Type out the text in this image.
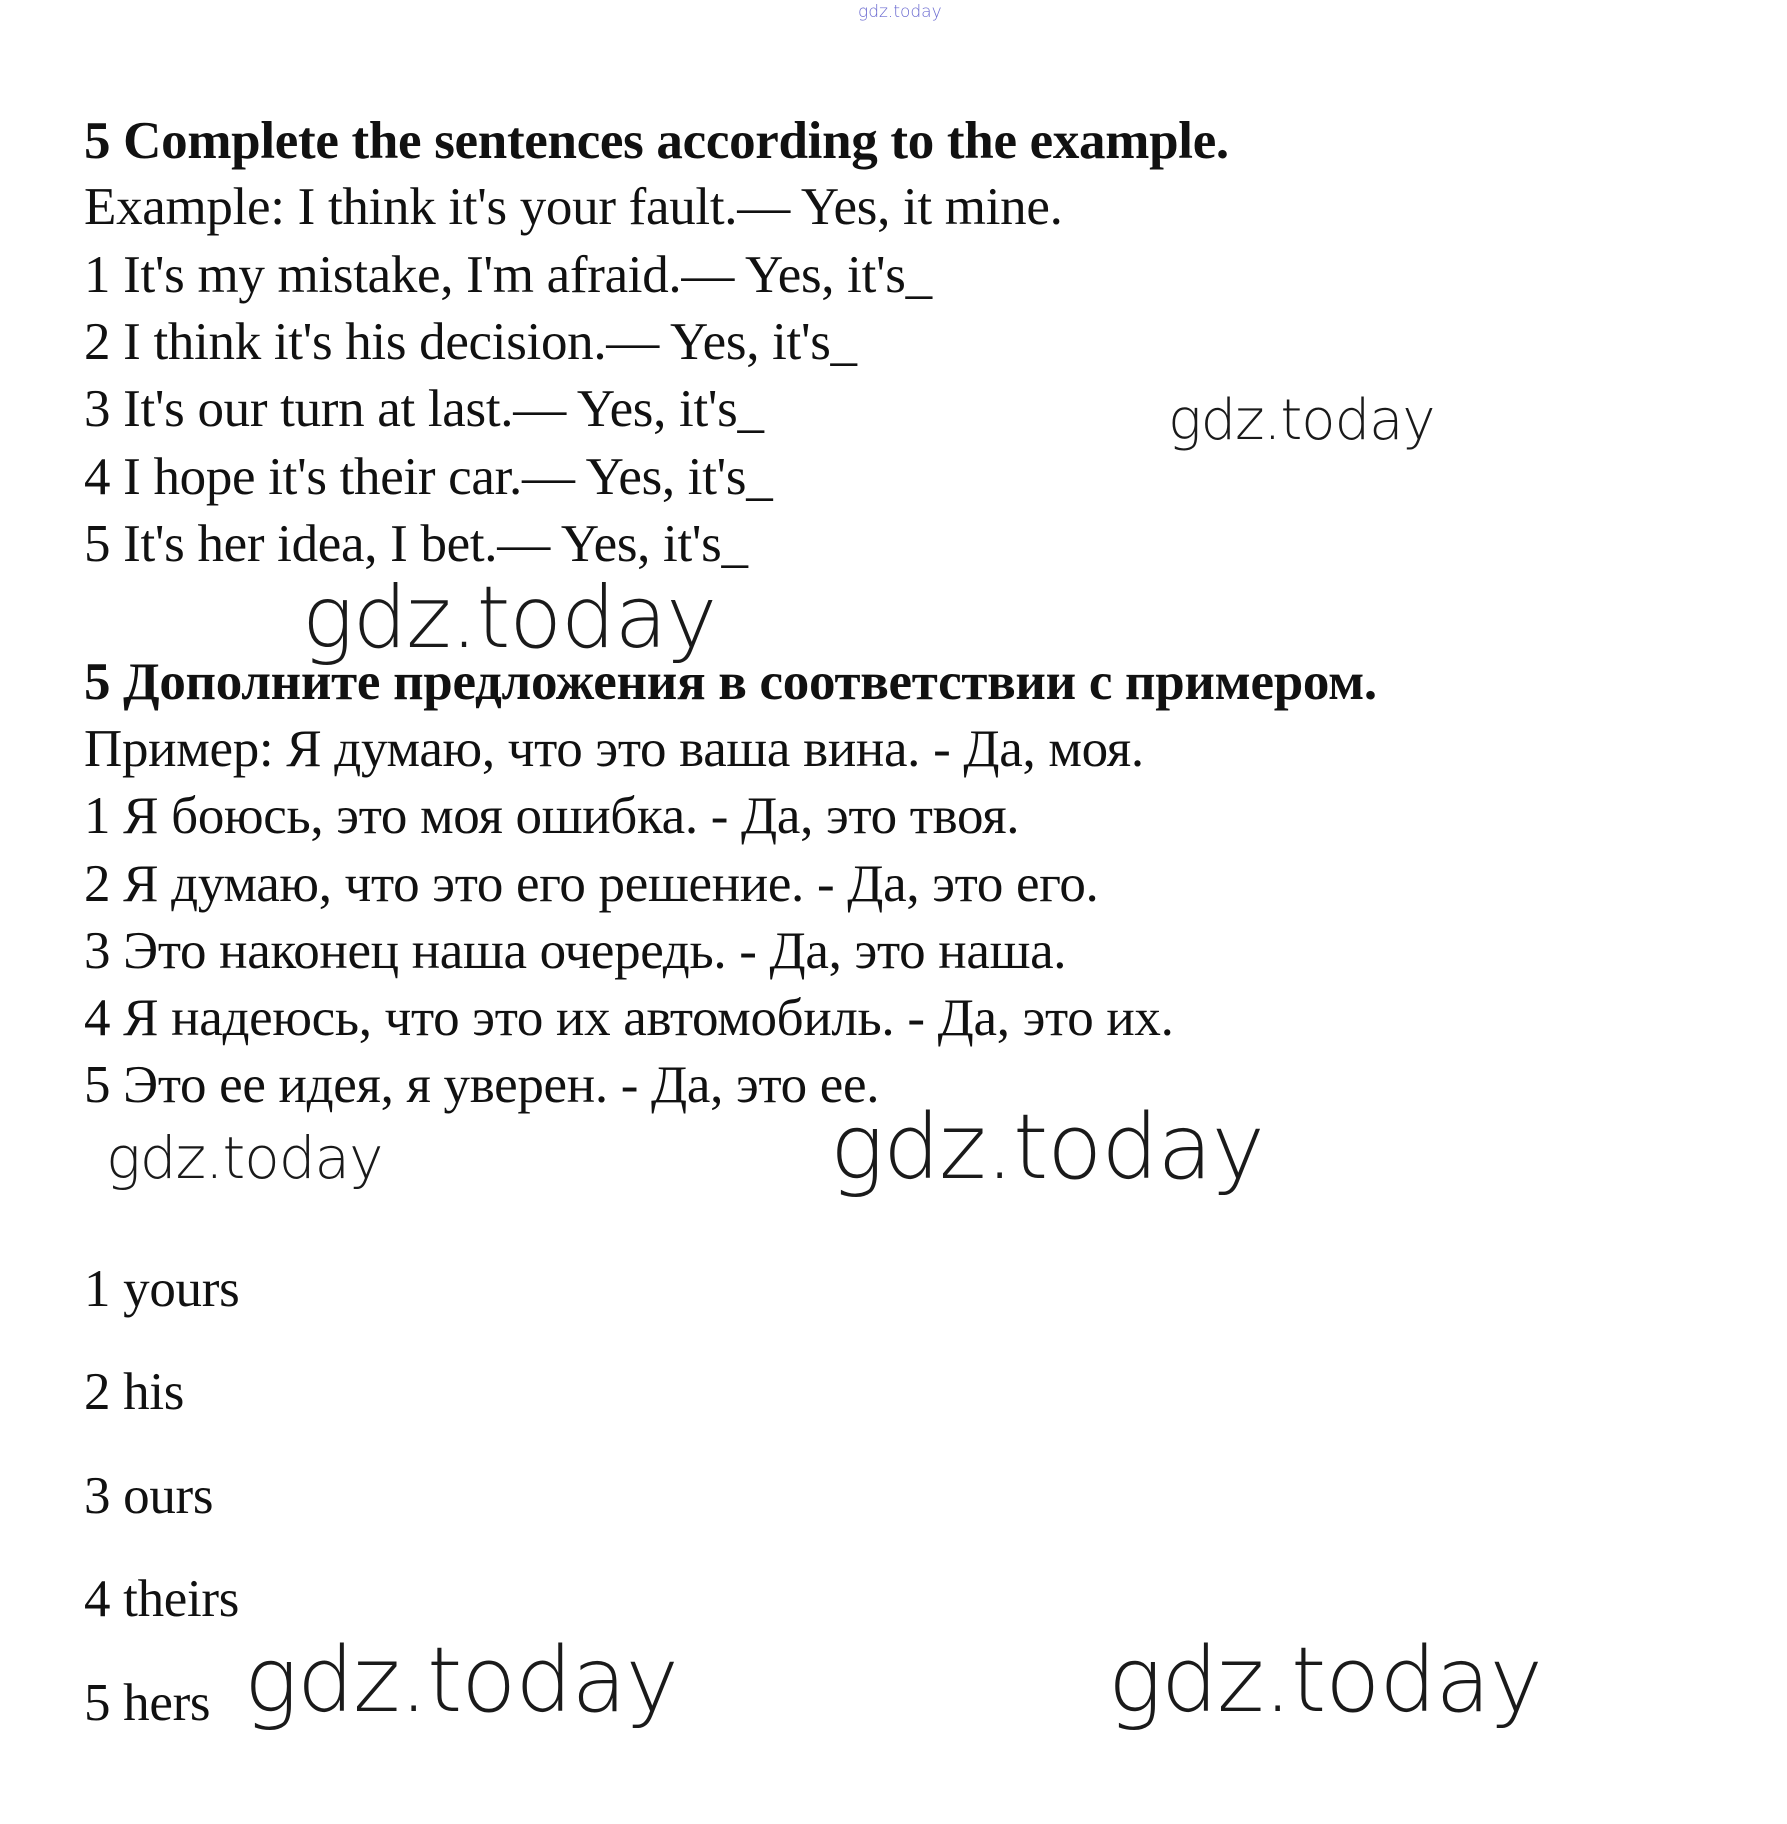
gdz.today
5 Complete the sentences according to the example.
Example: I think it's your fault.— Yes, it mine.
1 It's my mistake, I'm afraid.— Yes, it's_
2 I think it's his decision.— Yes, it's_
3 It's our turn at last.— Yes, it's_
4 I hope it's their car.— Yes, it's_
5 It's her idea, I bet.— Yes, it's_
gdz.today
gdz.today
5 Дополните предложения в соответствии с примером.
Пример: Я думаю, что это ваша вина. - Да, моя.
1 Я боюсь, это моя ошибка. - Да, это твоя.
2 Я думаю, что это его решение. - Да, это его.
3 Это наконец наша очередь. - Да, это наша.
4 Я надеюсь, что это их автомобиль. - Да, это их.
5 Это ее идея, я уверен. - Да, это ее.
gdz.today	gdz.today
1 yours
2 his
3 ours
4 theirs
5 hers gdz.today	gdz.today
